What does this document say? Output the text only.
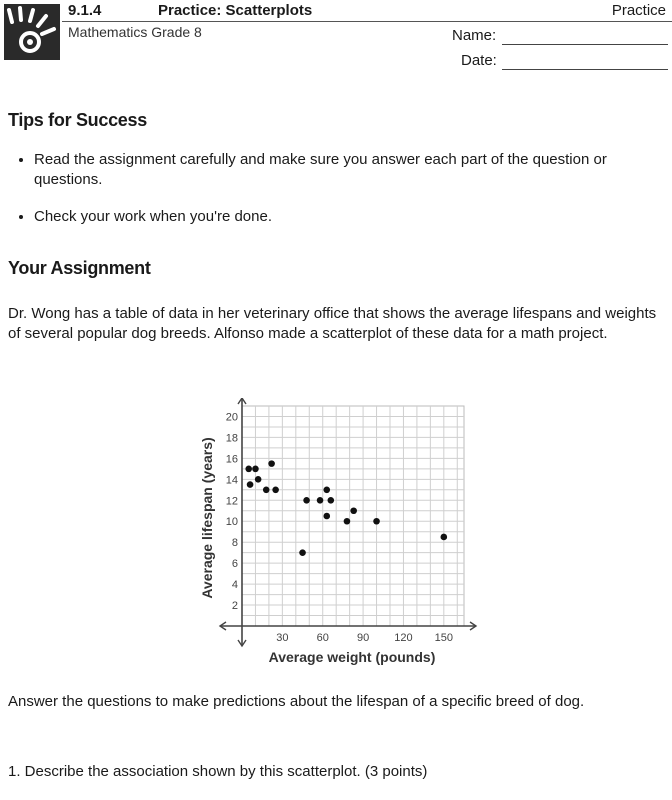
9.1.4	Practice: Scatterplots	Practice
Mathematics Grade 8	Name:
Date:
Tips for Success
• Read the assignment carefully and make sure you answer each part of the question or questions.
• Check your work when you're done.
Your Assignment

Dr. Wong has a table of data in her veterinary office that shows the average lifespans and weights of several popular dog breeds. Alfonso made a scatterplot of these data for a math project.

30	60	90 120 150
2
4
6
8
10
12
14
16
18
20
Average weight (pounds)
Average lifespan (years)

Answer the questions to make predictions about the lifespan of a specific breed of dog.

1. Describe the association shown by this scatterplot. (3 points)
